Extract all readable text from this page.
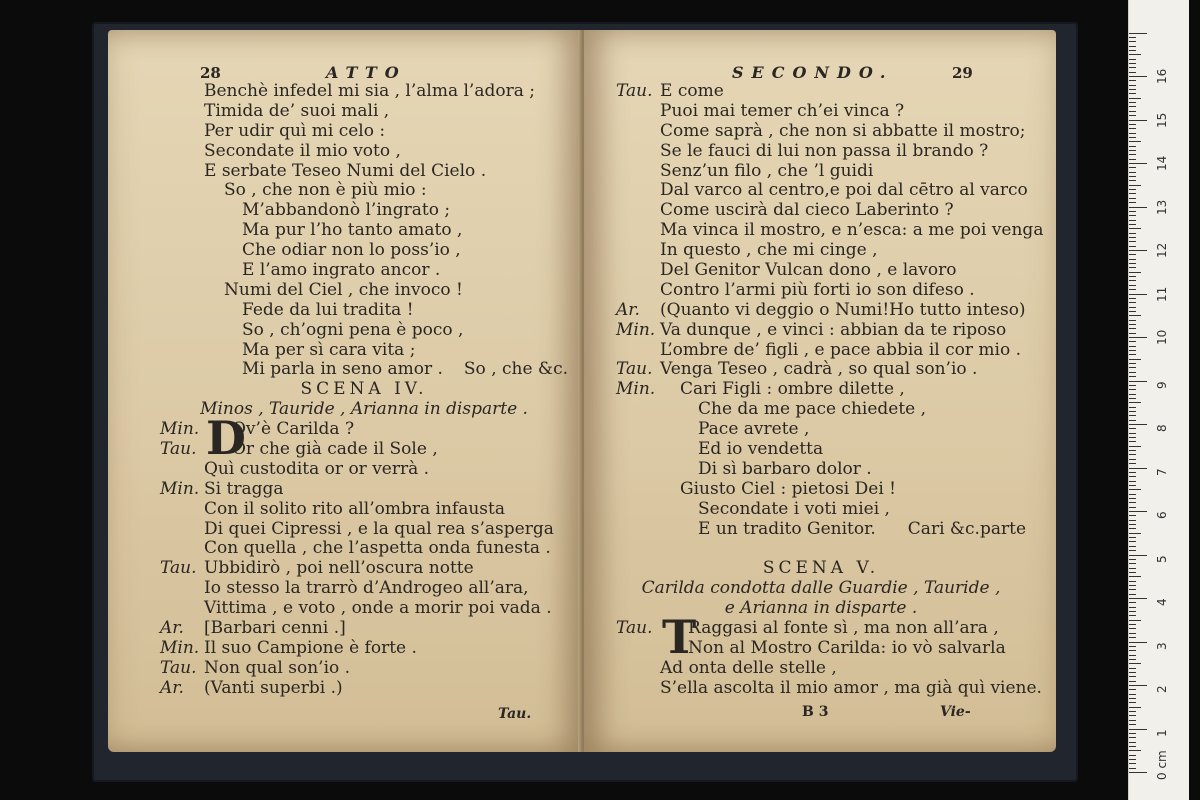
28	ATTO
Benchè infedel mi sia , l’alma l’adora ;
Timida de’ suoi mali ,
Per udir quì mi celo :
Secondate il mio voto ,
E serbate Teseo Numi del Cielo .
So , che non è più mio :
M’abbandonò l’ingrato ;
Ma pur l’ho tanto amato ,
Che odiar non lo poss’io ,
E l’amo ingrato ancor .
Numi del Ciel , che invoco !
Fede da lui tradita !
So , ch’ogni pena è poco ,
Ma per sì cara vita ;
Mi parla in seno amor . So , che &c.
SCENA IV.
Minos , Tauride , Arianna in disparte .
Min. D
Ov’è Carilda ?
Tau. Or che già cade il Sole ,
Quì custodita or or verrà .
Min. Si tragga
Con il solito rito all’ombra infausta
Di quei Cipressi , e la qual rea s’asperga
Con quella , che l’aspetta onda funesta .
Tau. Ubbidirò , poi nell’oscura notte
Io stesso la trarrò d’Androgeo all’ara,
Vittima , e voto , onde a morir poi vada .
Ar. [Barbari cenni .]
Min. Il suo Campione è forte .
Tau. Non qual son’io .
Ar. (Vanti superbi .)
Tau.
SECONDO.	29
Tau. E come
Puoi mai temer ch’ei vinca ?
Come saprà , che non si abbatte il mostro;
Se le fauci di lui non passa il brando ?
Senz’un filo , che ’l guidi
Dal varco al centro,e poi dal cētro al varco
Come uscirà dal cieco Laberinto ?
Ma vinca il mostro, e n’esca: a me poi venga
In questo , che mi cinge ,
Del Genitor Vulcan dono , e lavoro
Contro l’armi più forti io son difeso .
Ar. (Quanto vi deggio o Numi!Ho tutto inteso)
Min. Va dunque , e vinci : abbian da te riposo
L’ombre de’ figli , e pace abbia il cor mio .
Tau. Venga Teseo , cadrà , so qual son’io .
Min. Cari Figli : ombre dilette ,
Che da me pace chiedete ,
Pace avrete ,
Ed io vendetta
Di sì barbaro dolor .
Giusto Ciel : pietosi Dei !
Secondate i voti miei ,
E un tradito Genitor. Cari &c.parte
SCENA V.
Carilda condotta dalle Guardie , Tauride ,
e Arianna in disparte .
Tau. T
Raggasi al fonte sì , ma non all’ara ,
Non al Mostro Carilda: io vò salvarla
Ad onta delle stelle ,
S’ella ascolta il mio amor , ma già quì viene.
B 3	Vie-
0 cm
1
2
3
4
5
6
7
8
9
10
11
12
13
14
15
16
